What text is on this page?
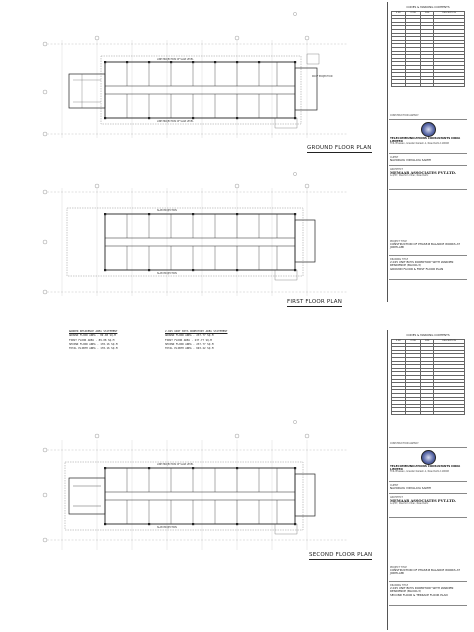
LINE PROJECTION OF SLAB LEVEL
LINE PROJECTION OF SLAB LEVEL
ROOF PROJECTION
SLAB PROJECTION
SLAB PROJECTION
GROUND FLOOR PLAN
FIRST FLOOR PLAN
CODES & MARKING CONTENTS
S.NO	CODE	SIZE	DESCRIPTION

CONSTRUCTION AGENCY
TELECOMMUNICATIONS CONSULTANTS INDIA LIMITED
TCIL Bhawan, Greater Kailash-1, New Delhi-110048
CLIENT
NAVODAYA VIDYALAYA SAMITI
ARCHITECT
MEMAAR ASSOCIATES PVT.LTD.
A-4/57, Paschim Vihar, New Delhi
PROJECT TITLE
CONSTRUCTION OF PHASE-B BALANCE WORKS AT JODHLAMI
DRAWING TITLE
2.025 UNIT BOYS DORMITORY WITH WARDEN RESIDENCE (BLOCK-3)
GROUND FLOOR & FIRST FLOOR PLAN
WARDEN RESIDENCE AREA STATEMENT
GROUND FLOOR AREA - 89.08 SQ.M
FIRST FLOOR AREA - 89.08 SQ.M
SECOND FLOOR AREA - 178.16 SQ.M
TOTAL PLINTH AREA - 178.16 SQ.M
2.025 UNIT BOYS DORMITORY AREA STATEMENT
GROUND FLOOR AREA - 237.77 SQ.M
FIRST FLOOR AREA - 237.77 SQ.M
SECOND FLOOR AREA - 237.77 SQ.M
TOTAL PLINTH AREA - 693.22 SQ.M
LINE PROJECTION OF SLAB LEVEL
SLAB PROJECTION
SECOND FLOOR PLAN
CODES & MARKING CONTENTS
S.NO	CODE	SIZE	DESCRIPTION

CONSTRUCTION AGENCY
TELECOMMUNICATIONS CONSULTANTS INDIA LIMITED
TCIL Bhawan, Greater Kailash-1, New Delhi-110048
CLIENT
NAVODAYA VIDYALAYA SAMITI
ARCHITECT
MEMAAR ASSOCIATES PVT.LTD.
A-4/57, Paschim Vihar, New Delhi
PROJECT TITLE
CONSTRUCTION OF PHASE-B BALANCE WORKS AT JODHLAMI
DRAWING TITLE
2.025 UNIT BOYS DORMITORY WITH WARDEN RESIDENCE (BLOCK-3)
SECOND FLOOR & TERRACE FLOOR PLAN
